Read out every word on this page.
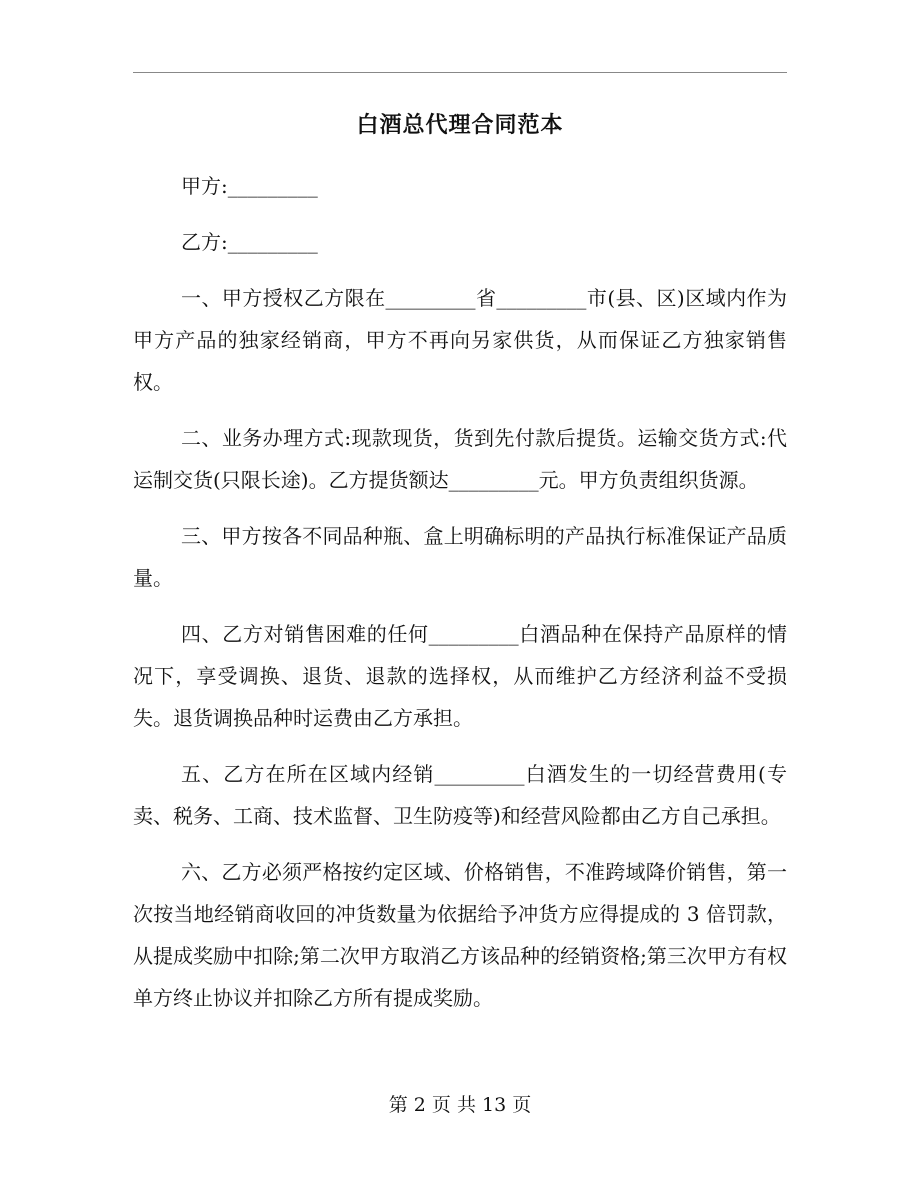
白酒总代理合同范本

甲方:_________

乙方:_________

一、甲方授权乙方限在_________省_________市(县、区)区域内作为甲方产品的独家经销商，甲方不再向另家供货，从而保证乙方独家销售权。

二、业务办理方式:现款现货，货到先付款后提货。运输交货方式:代运制交货(只限长途)。乙方提货额达_________元。甲方负责组织货源。

三、甲方按各不同品种瓶、盒上明确标明的产品执行标准保证产品质量。

四、乙方对销售困难的任何_________白酒品种在保持产品原样的情况下，享受调换、退货、退款的选择权，从而维护乙方经济利益不受损失。退货调换品种时运费由乙方承担。

五、乙方在所在区域内经销_________白酒发生的一切经营费用(专卖、税务、工商、技术监督、卫生防疫等)和经营风险都由乙方自己承担。

六、乙方必须严格按约定区域、价格销售，不准跨域降价销售，第一次按当地经销商收回的冲货数量为依据给予冲货方应得提成的 3 倍罚款，从提成奖励中扣除;第二次甲方取消乙方该品种的经销资格;第三次甲方有权单方终止协议并扣除乙方所有提成奖励。

第 2 页 共 13 页
